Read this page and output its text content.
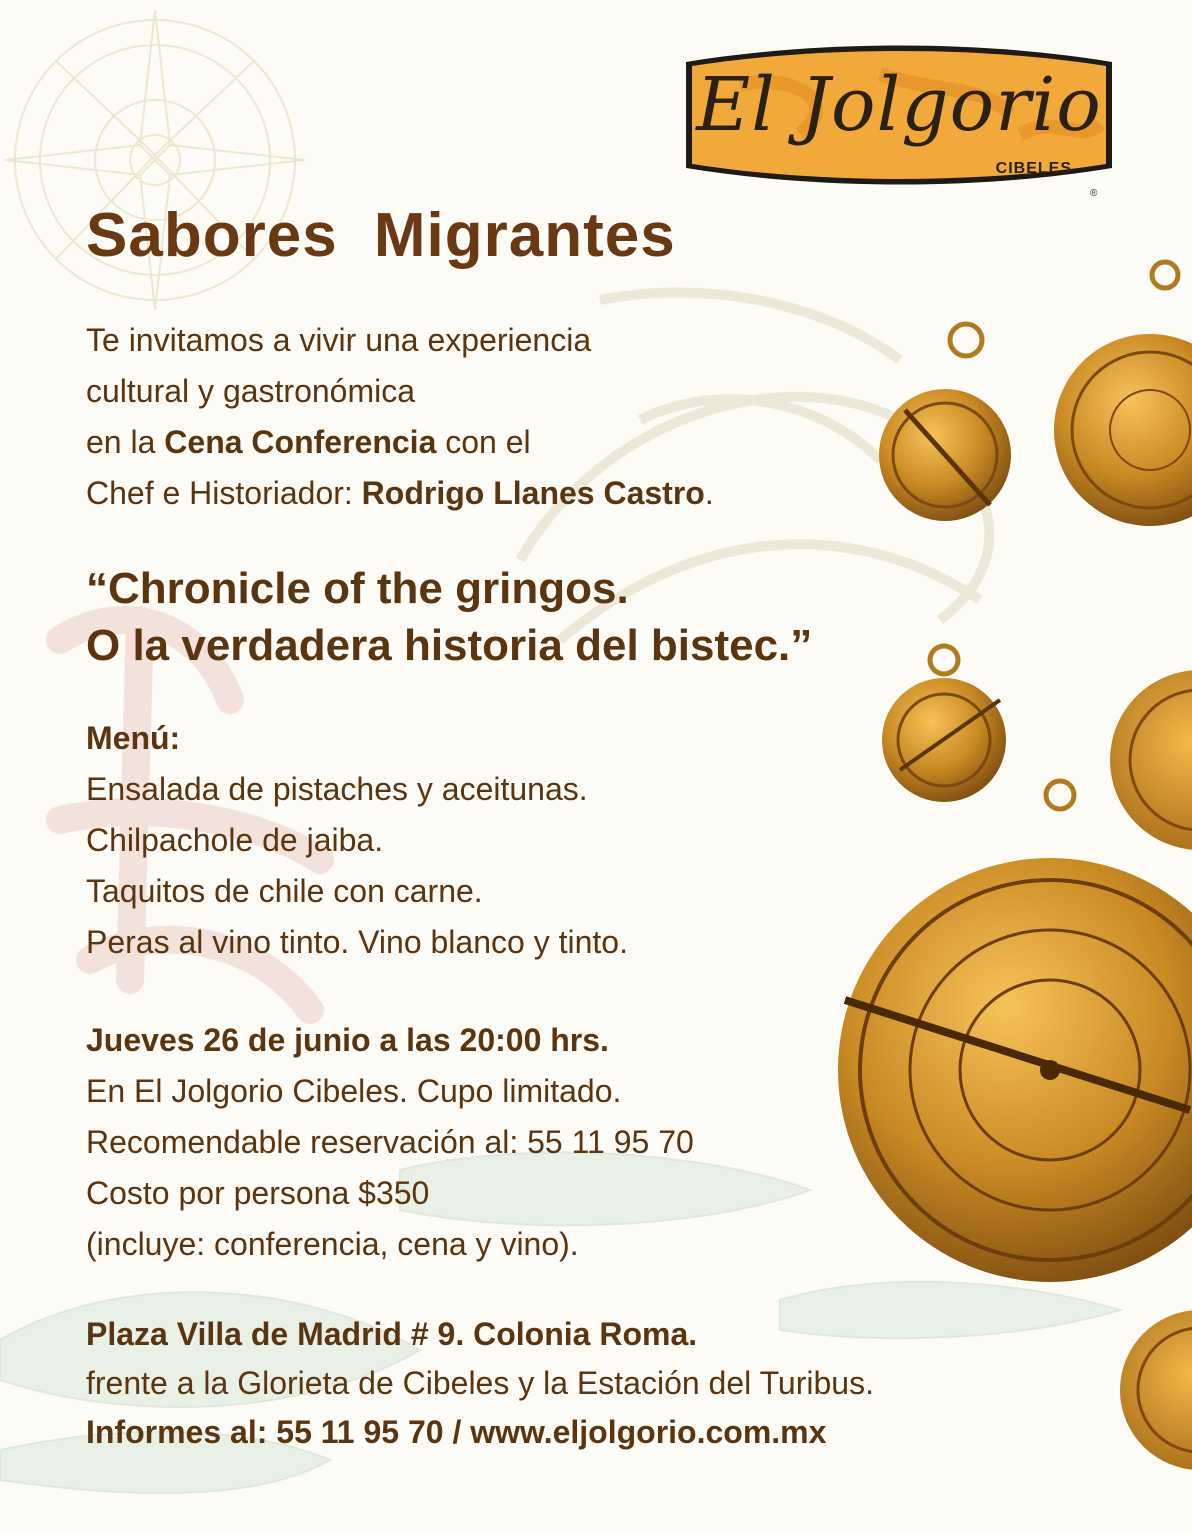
El Jolgorio
CIBELES
®
Sabores Migrantes
Te invitamos a vivir una experiencia
cultural y gastronómica
en la Cena Conferencia con el
Chef e Historiador: Rodrigo Llanes Castro.
“Chronicle of the gringos.
O la verdadera historia del bistec.”
Menú:
Ensalada de pistaches y aceitunas.
Chilpachole de jaiba.
Taquitos de chile con carne.
Peras al vino tinto. Vino blanco y tinto.
Jueves 26 de junio a las 20:00 hrs.
En El Jolgorio Cibeles. Cupo limitado.
Recomendable reservación al: 55 11 95 70
Costo por persona $350
(incluye: conferencia, cena y vino).
Plaza Villa de Madrid # 9. Colonia Roma.
frente a la Glorieta de Cibeles y la Estación del Turibus.
Informes al: 55 11 95 70 / www.eljolgorio.com.mx
